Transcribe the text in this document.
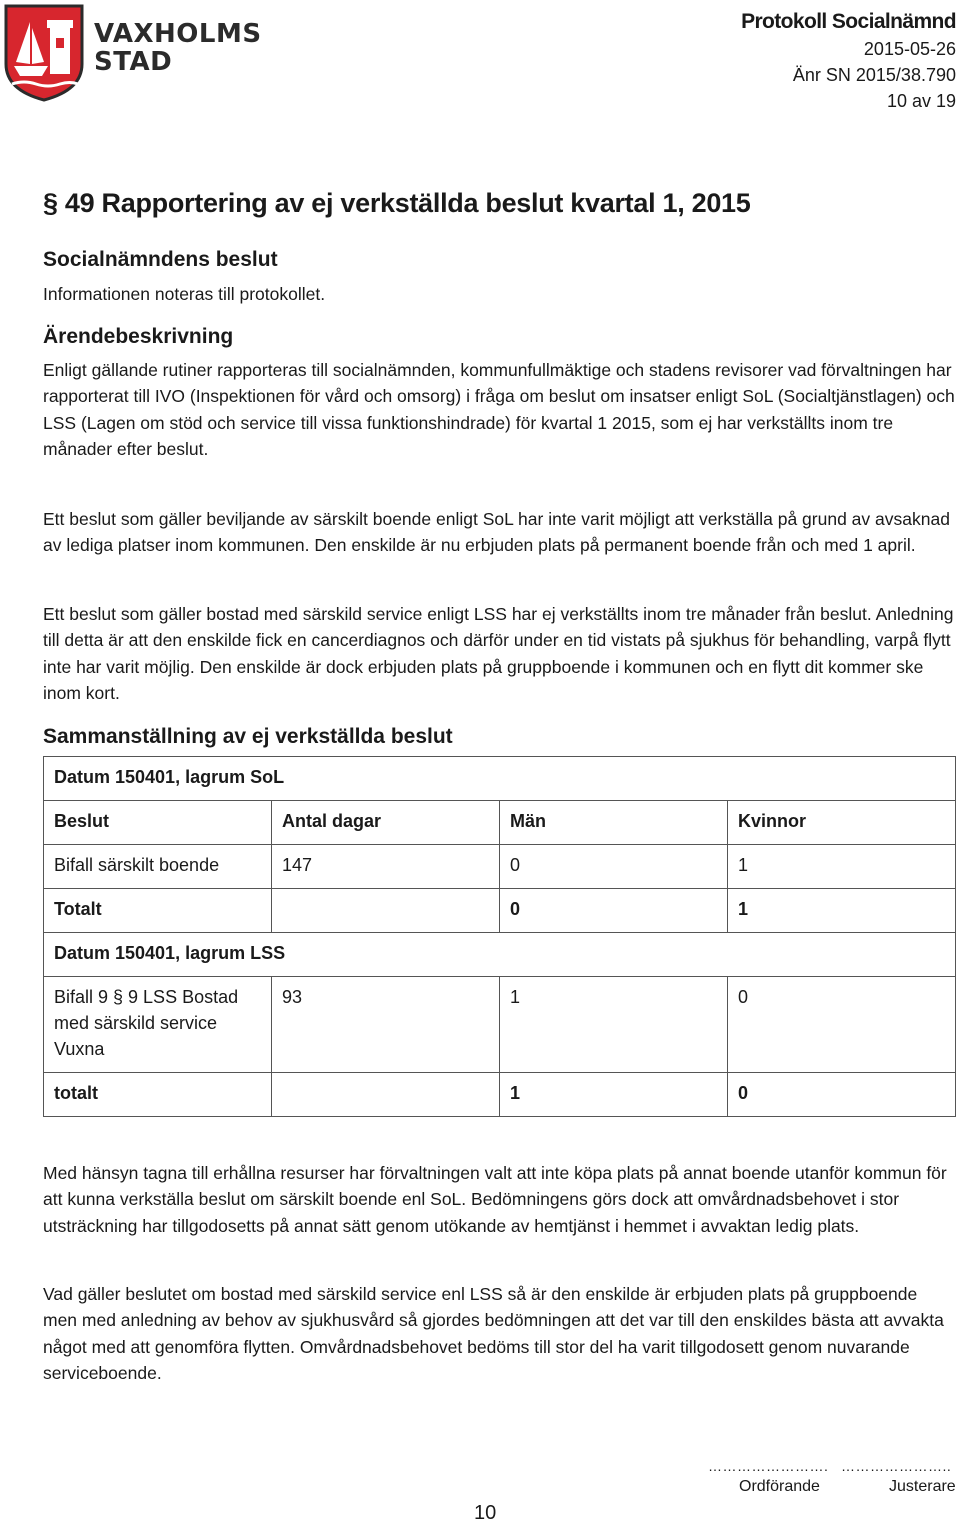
VAXHOLMS
STAD
Protokoll Socialnämnd
2015-05-26
Änr SN 2015/38.790
10 av 19
§ 49 Rapportering av ej verkställda beslut kvartal 1, 2015
Socialnämndens beslut
Informationen noteras till protokollet.
Ärendebeskrivning
Enligt gällande rutiner rapporteras till socialnämnden, kommunfullmäktige och stadens revisorer vad förvaltningen har rapporterat till IVO (Inspektionen för vård och omsorg) i fråga om beslut om insatser enligt SoL (Socialtjänstlagen) och LSS (Lagen om stöd och service till vissa funktionshindrade) för kvartal 1 2015, som ej har verkställts inom tre månader efter beslut.
Ett beslut som gäller beviljande av särskilt boende enligt SoL har inte varit möjligt att verkställa på grund av avsaknad av lediga platser inom kommunen. Den enskilde är nu erbjuden plats på permanent boende från och med 1 april.
Ett beslut som gäller bostad med särskild service enligt LSS har ej verkställts inom tre månader från beslut. Anledning till detta är att den enskilde fick en cancerdiagnos och därför under en tid vistats på sjukhus för behandling, varpå flytt inte har varit möjlig. Den enskilde är dock erbjuden plats på gruppboende i kommunen och en flytt dit kommer ske inom kort.
Sammanställning av ej verkställda beslut
Datum 150401, lagrum SoL			
Beslut	Antal dagar	Män	Kvinnor
Bifall särskilt boende	147	0	1
Totalt		0	1
Datum 150401, lagrum LSS			
Bifall 9 § 9 LSS Bostad med särskild service Vuxna	93	1	0
totalt		1	0
Med hänsyn tagna till erhållna resurser har förvaltningen valt att inte köpa plats på annat boende utanför kommun för att kunna verkställa beslut om särskilt boende enl SoL. Bedömningens görs dock att omvårdnadsbehovet i stor utsträckning har tillgodosetts på annat sätt genom utökande av hemtjänst i hemmet i avvaktan ledig plats.
Vad gäller beslutet om bostad med särskild service enl LSS så är den enskilde är erbjuden plats på gruppboende men med anledning av behov av sjukhusvård så gjordes bedömningen att det var till den enskildes bästa att avvakta något med att genomföra flytten. Omvårdnadsbehovet bedöms till stor del ha varit tillgodosett genom nuvarande serviceboende.
……………………. …………………..
Ordförande	Justerare
10
